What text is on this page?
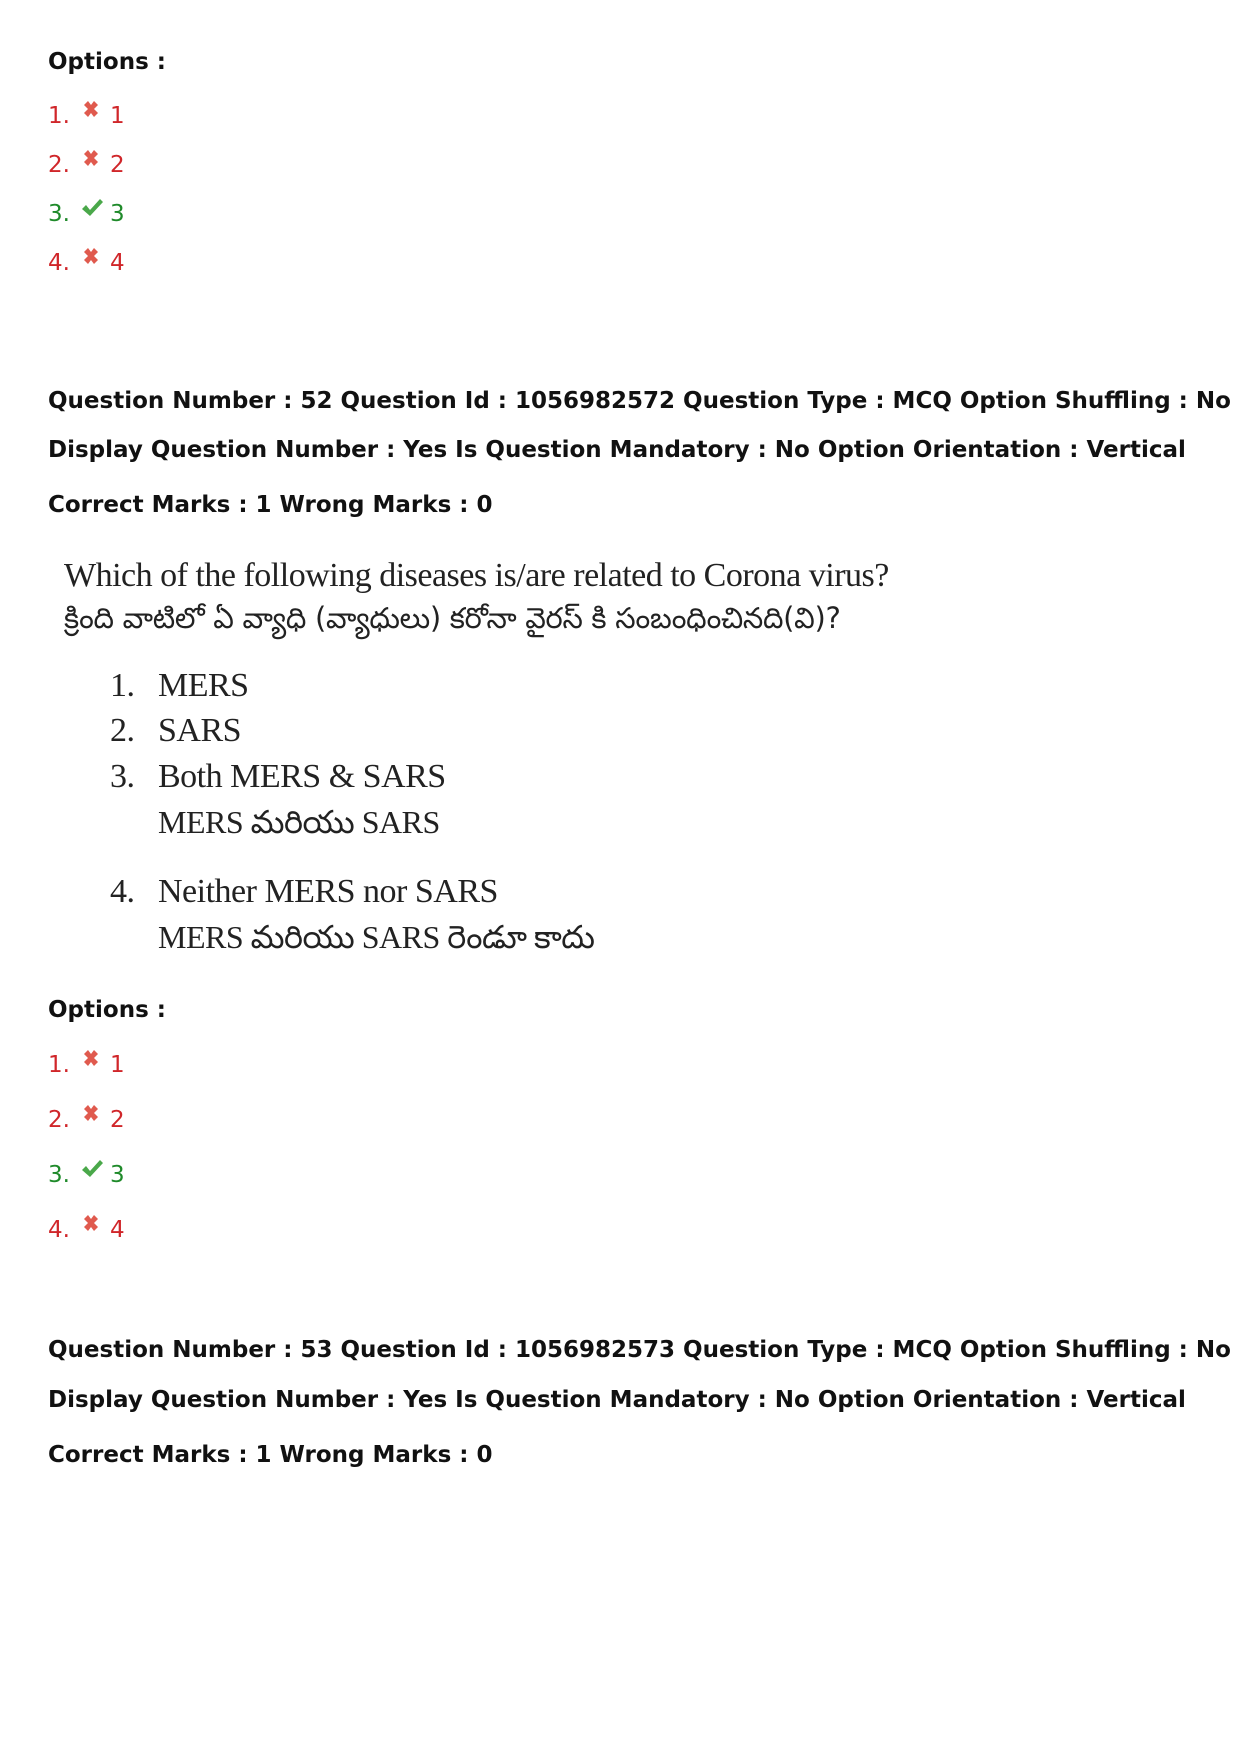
Options :
1. 1
2. 2
3. 3
4. 4
Question Number : 52 Question Id : 1056982572 Question Type : MCQ Option Shuffling : No
Display Question Number : Yes Is Question Mandatory : No Option Orientation : Vertical
Correct Marks : 1 Wrong Marks : 0
Which of the following diseases is/are related to Corona virus?
క్రింది వాటిలో ఏ వ్యాధి (వ్యాధులు) కరోనా వైరస్ కి సంబంధించినది(వి)?
1. MERS
2. SARS
3. Both MERS & SARS
MERS మరియు SARS
4. Neither MERS nor SARS
MERS మరియు SARS రెండూ కాదు
Options :
1. 1
2. 2
3. 3
4. 4
Question Number : 53 Question Id : 1056982573 Question Type : MCQ Option Shuffling : No
Display Question Number : Yes Is Question Mandatory : No Option Orientation : Vertical
Correct Marks : 1 Wrong Marks : 0
